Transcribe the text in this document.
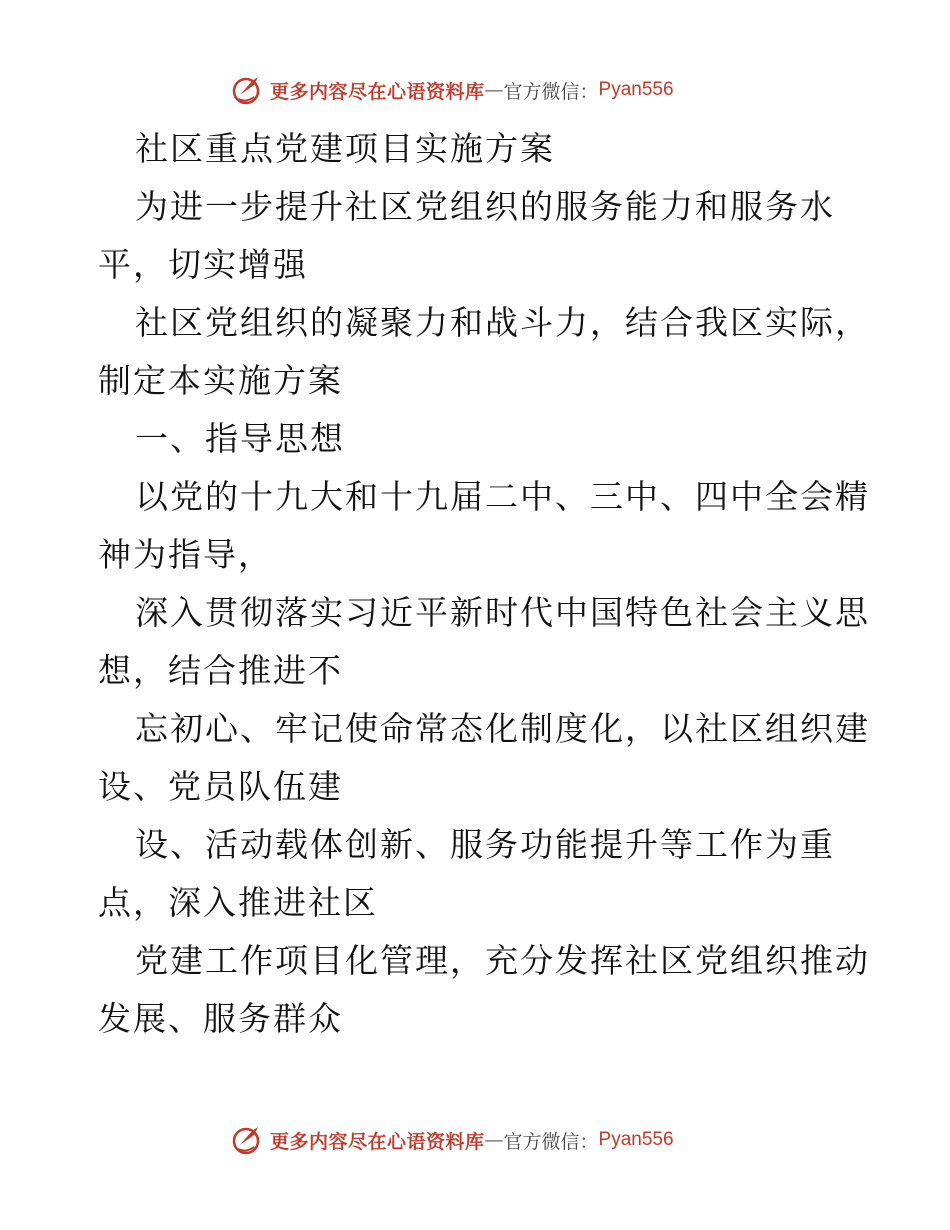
更多内容尽在心语资料库 — 官方微信： Pyan556
社区重点党建项目实施方案
为进一步提升社区党组织的服务能力和服务水
平，切实增强
社区党组织的凝聚力和战斗力，结合我区实际，
制定本实施方案
一、指导思想
以党的十九大和十九届二中、三中、四中全会精
神为指导，
深入贯彻落实习近平新时代中国特色社会主义思
想，结合推进不
忘初心、牢记使命常态化制度化，以社区组织建
设、党员队伍建
设、活动载体创新、服务功能提升等工作为重
点，深入推进社区
党建工作项目化管理，充分发挥社区党组织推动
发展、服务群众
更多内容尽在心语资料库 — 官方微信： Pyan556
